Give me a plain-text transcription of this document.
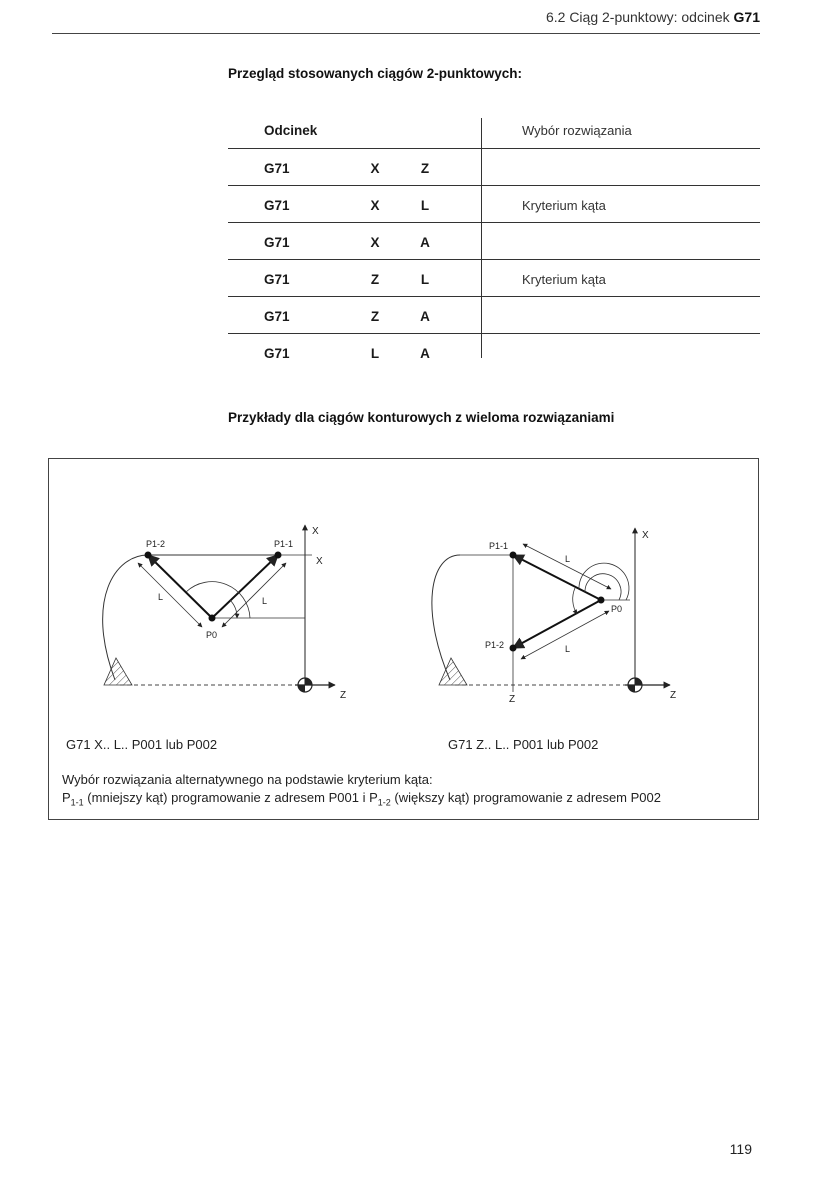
6.2 Ciąg 2-punktowy: odcinek G71
Przegląd stosowanych ciągów 2-punktowych:
Odcinek	Wybór rozwiązania
G71	X	Z
G71	X	L	Kryterium kąta
G71	X	A
G71	Z	L	Kryterium kąta
G71	Z	A
G71	L	A
Przykłady dla ciągów konturowych z wieloma rozwiązaniami
P1-2	P1-1
P0
L	L
X
X
Z
P1-1
P1-2
P0
L
L
X
Z	Z
G71 X.. L.. P001 lub P002	G71 Z.. L.. P001 lub P002
Wybór rozwiązania alternatywnego na podstawie kryterium kąta:
$P_{1-1}$ (mniejszy kąt) programowanie z adresem P001 i $P_{1-2}$ (większy kąt) programowanie z adresem P002
119
